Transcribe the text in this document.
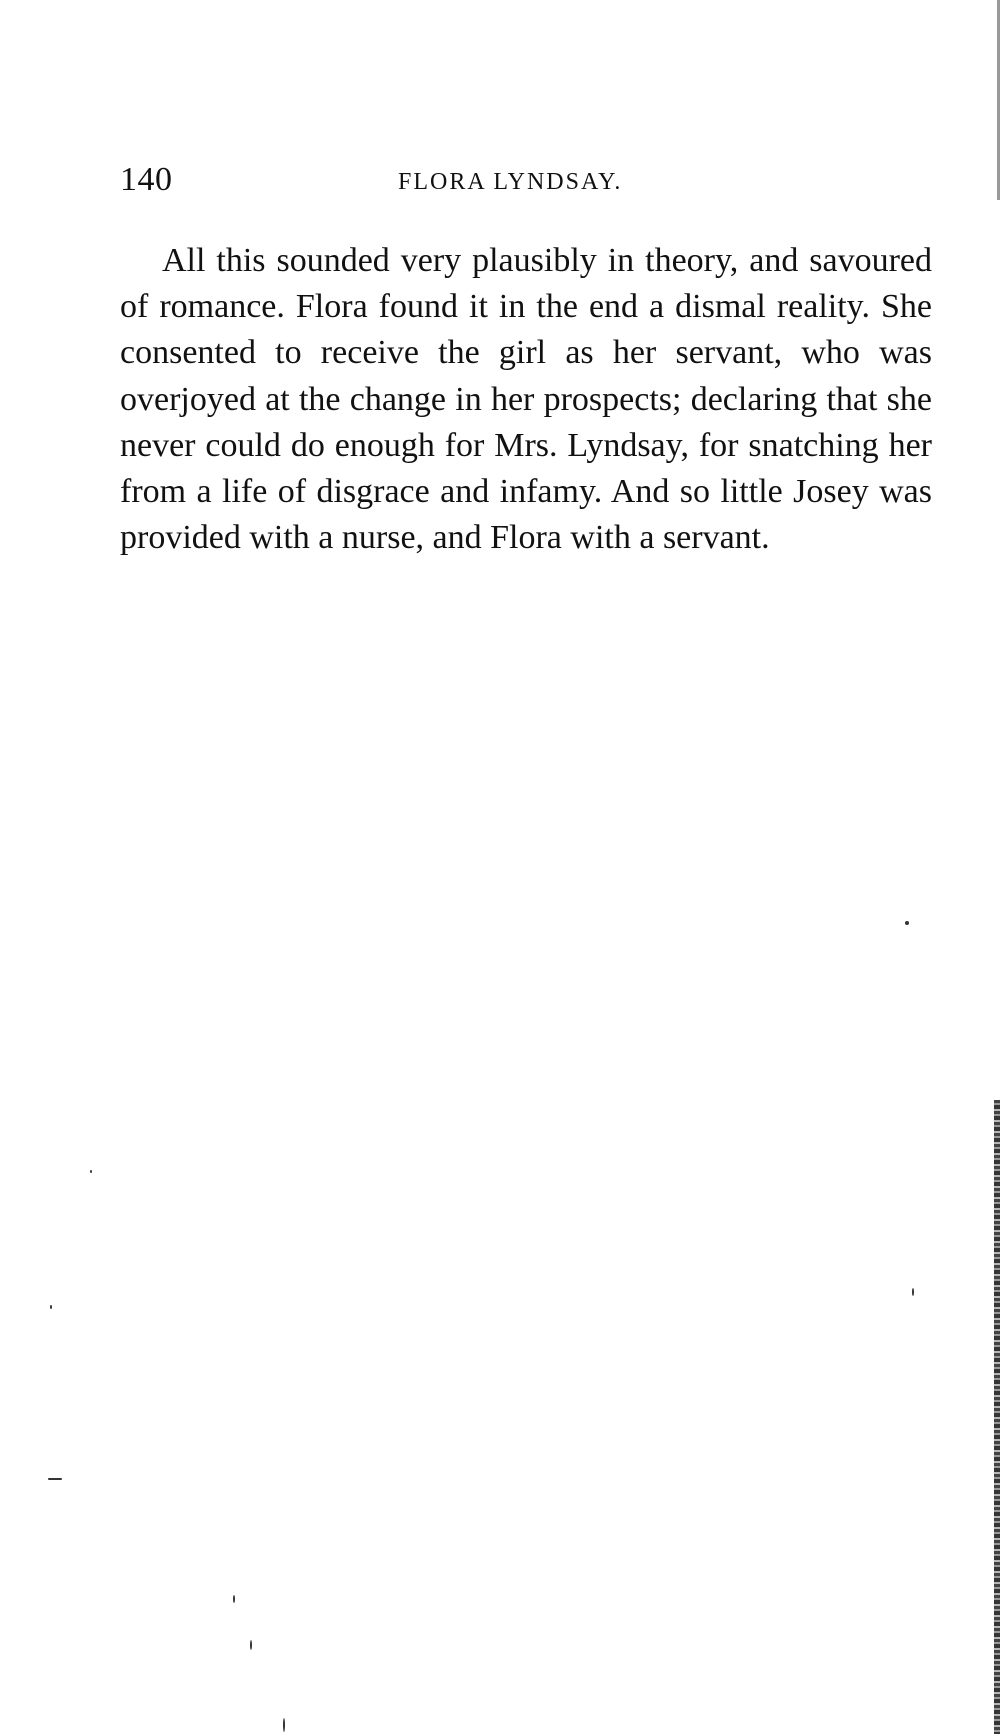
140	FLORA LYNDSAY.

All this sounded very plausibly in theory, and savoured of romance. Flora found it in the end a dismal reality. She consented to receive the girl as her servant, who was overjoyed at the change in her prospects; declaring that she never could do enough for Mrs. Lyndsay, for snatching her from a life of disgrace and infamy. And so little Josey was provided with a nurse, and Flora with a servant.
